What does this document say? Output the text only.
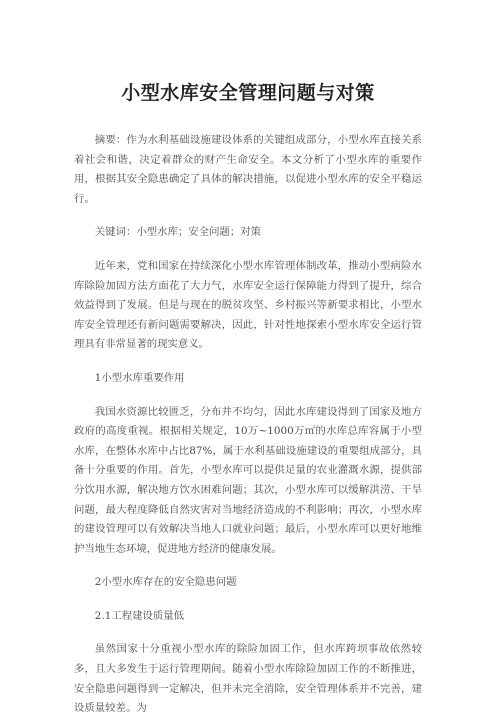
小型水库安全管理问题与对策

摘要：作为水利基础设施建设体系的关键组成部分，小型水库直接关系着社会和谐，决定着群众的财产生命安全。本文分析了小型水库的重要作用，根据其安全隐患确定了具体的解决措施，以促进小型水库的安全平稳运行。

关键词：小型水库；安全问题；对策

近年来，党和国家在持续深化小型水库管理体制改革，推动小型病险水库除险加固方法方面花了大力气，水库安全运行保障能力得到了提升，综合效益得到了发展。但是与现在的脱贫攻坚、乡村振兴等新要求相比，小型水库安全管理还有新问题需要解决，因此，针对性地探索小型水库安全运行管理具有非常显著的现实意义。

1小型水库重要作用

我国水资源比较匮乏，分布并不均匀，因此水库建设得到了国家及地方政府的高度重视。根据相关规定，10万~1000万㎡的水库总库容属于小型水库，在整体水库中占比87%，属于水利基础设施建设的重要组成部分，具备十分重要的作用。首先，小型水库可以提供足量的农业灌溉水源，提供部分饮用水源，解决地方饮水困难问题；其次，小型水库可以缓解洪涝、干旱问题，最大程度降低自然灾害对当地经济造成的不利影响；再次，小型水库的建设管理可以有效解决当地人口就业问题；最后，小型水库可以更好地维护当地生态环境，促进地方经济的健康发展。

2小型水库存在的安全隐患问题
2.1工程建设质量低

虽然国家十分重视小型水库的除险加固工作，但水库跨坝事故依然较多，且大多发生于运行管理期间。随着小型水库除险加固工作的不断推进，安全隐患问题得到一定解决，但并未完全消除，安全管理体系并不完善，建设质量较差。为
